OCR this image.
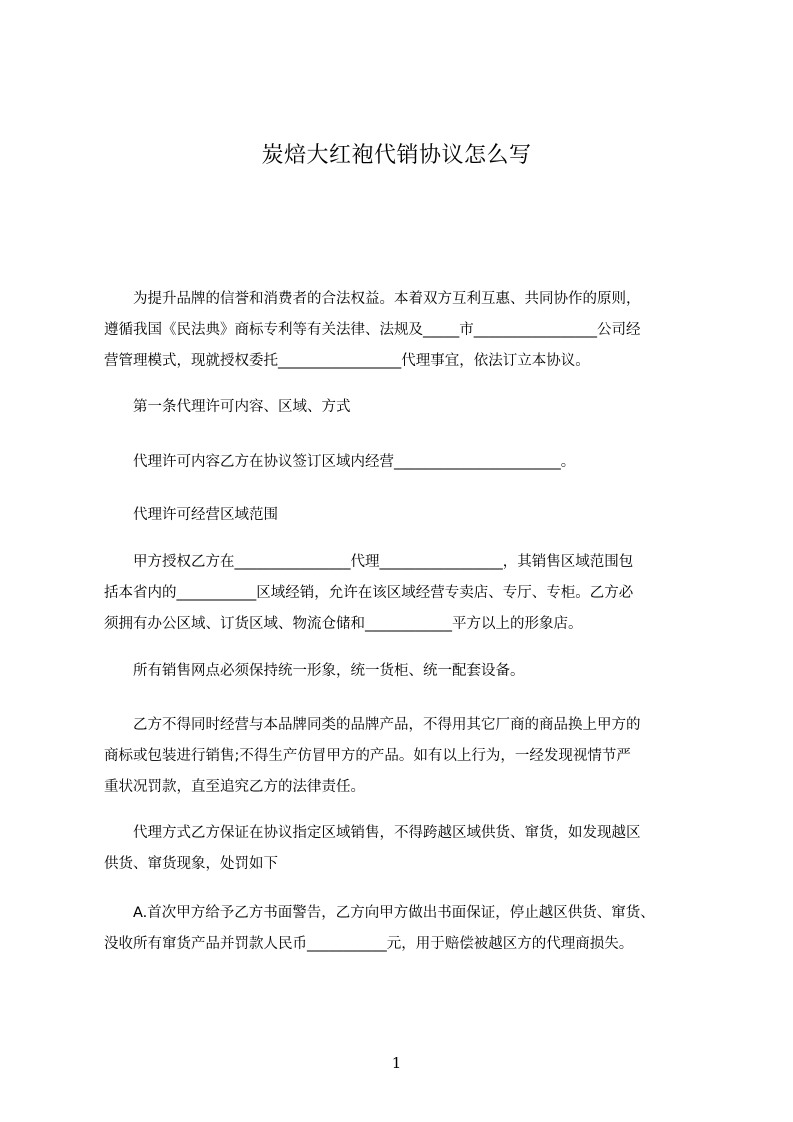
炭焙大红袍代销协议怎么写
为提升品牌的信誉和消费者的合法权益。本着双方互利互惠、共同协作的原则，
遵循我国《民法典》商标专利等有关法律、法规及_____市_________________公司经
营管理模式，现就授权委托_________________代理事宜，依法订立本协议。
第一条代理许可内容、区域、方式
代理许可内容乙方在协议签订区域内经营_______________________。
代理许可经营区域范围
甲方授权乙方在________________代理_________________，其销售区域范围包
括本省内的___________区域经销，允许在该区域经营专卖店、专厅、专柜。乙方必
须拥有办公区域、订货区域、物流仓储和____________平方以上的形象店。
所有销售网点必须保持统一形象，统一货柜、统一配套设备。
乙方不得同时经营与本品牌同类的品牌产品，不得用其它厂商的商品换上甲方的
商标或包装进行销售;不得生产仿冒甲方的产品。如有以上行为，一经发现视情节严
重状况罚款，直至追究乙方的法律责任。
代理方式乙方保证在协议指定区域销售，不得跨越区域供货、窜货，如发现越区
供货、窜货现象，处罚如下
A.首次甲方给予乙方书面警告，乙方向甲方做出书面保证，停止越区供货、窜货、
没收所有窜货产品并罚款人民币___________元，用于赔偿被越区方的代理商损失。
1
